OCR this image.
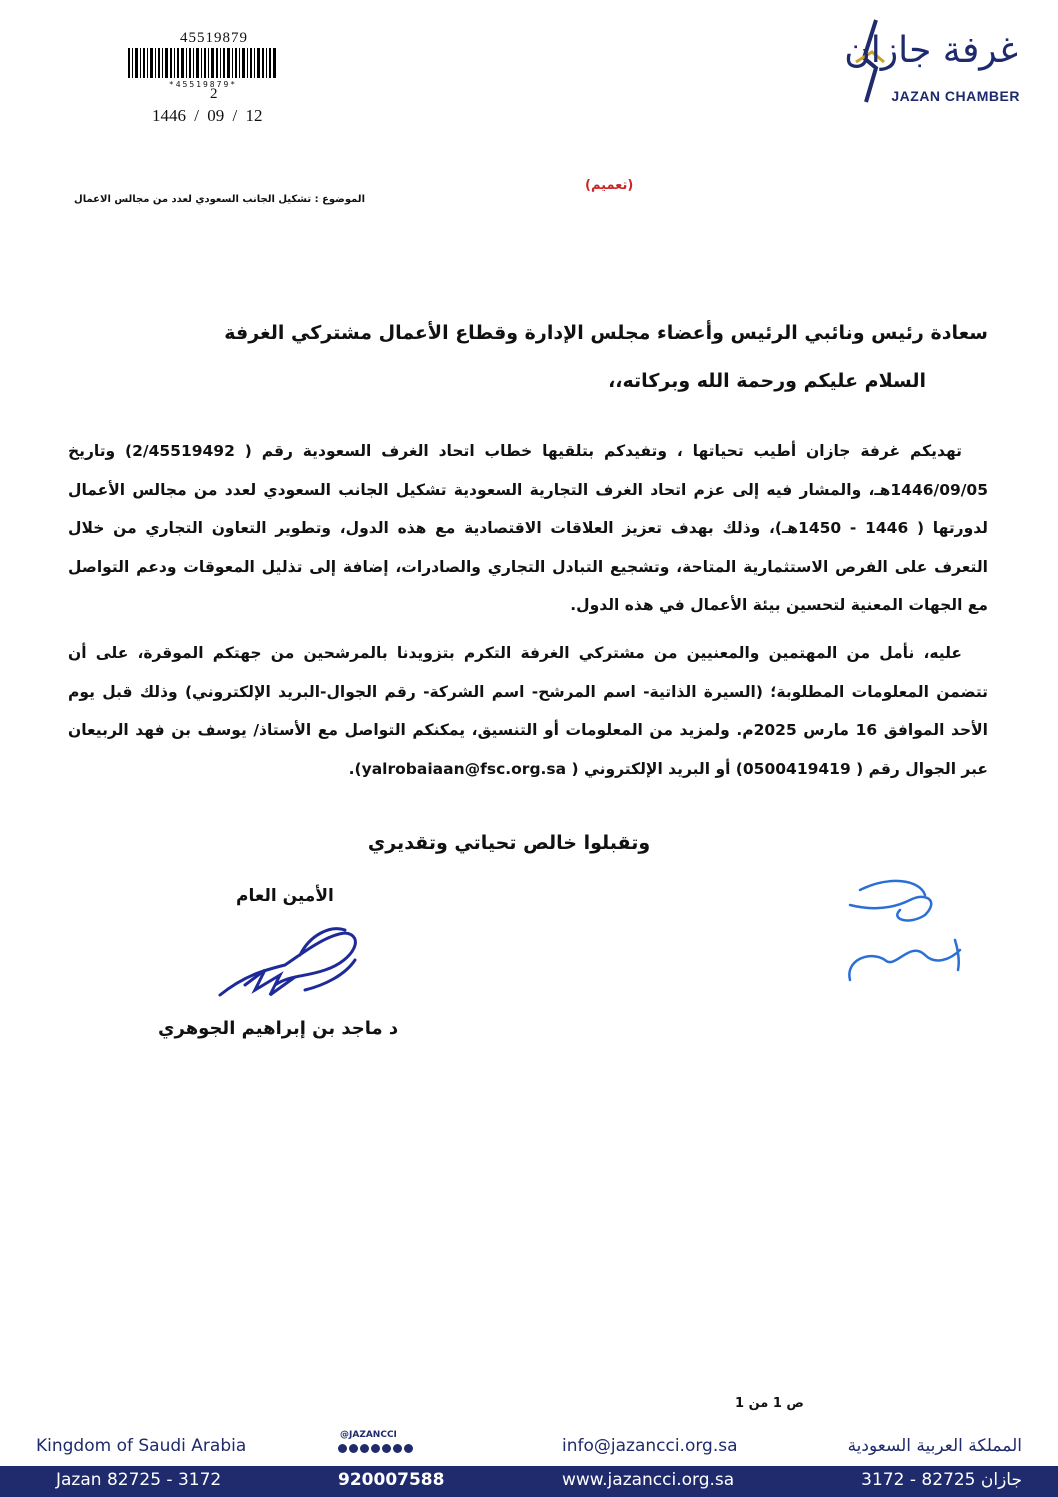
45519879
*45519879*
2
1446 / 09 / 12
غرفة جازان
JAZAN CHAMBER
(تعميم)
الموضوع : تشكيل الجانب السعودي لعدد من مجالس الاعمال
سعادة رئيس ونائبي الرئيس وأعضاء مجلس الإدارة وقطاع الأعمال مشتركي الغرفة
السلام عليكم ورحمة الله وبركاته،،

تهديكم غرفة جازان أطيب تحياتها ، وتفيدكم بتلقيها خطاب اتحاد الغرف السعودية رقم ( 2/45519492) وتاريخ 1446/09/05هـ، والمشار فيه إلى عزم اتحاد الغرف التجارية السعودية تشكيل الجانب السعودي لعدد من مجالس الأعمال لدورتها ( 1446 - 1450هـ)، وذلك بهدف تعزيز العلاقات الاقتصادية مع هذه الدول، وتطوير التعاون التجاري من خلال التعرف على الفرص الاستثمارية المتاحة، وتشجيع التبادل التجاري والصادرات، إضافة إلى تذليل المعوقات ودعم التواصل مع الجهات المعنية لتحسين بيئة الأعمال في هذه الدول.

عليه، نأمل من المهتمين والمعنيين من مشتركي الغرفة التكرم بتزويدنا بالمرشحين من جهتكم الموقرة، على أن تتضمن المعلومات المطلوبة؛ (السيرة الذاتية- اسم المرشح- اسم الشركة- رقم الجوال-البريد الإلكتروني) وذلك قبل يوم الأحد الموافق 16 مارس 2025م. ولمزيد من المعلومات أو التنسيق، يمكنكم التواصل مع الأستاذ/ يوسف بن فهد الربيعان عبر الجوال رقم ( 0500419419) أو البريد الإلكتروني ( yalrobaiaan@fsc.org.sa).

وتقبلوا خالص تحياتي وتقديري
الأمين العام
د ماجد بن إبراهيم الجوهري
ص 1 من 1
Kingdom of Saudi Arabia
@JAZANCCI
info@jazancci.org.sa	المملكة العربية السعودية
Jazan 82725 - 3172	920007588	www.jazancci.org.sa	جازان 82725 - 3172
